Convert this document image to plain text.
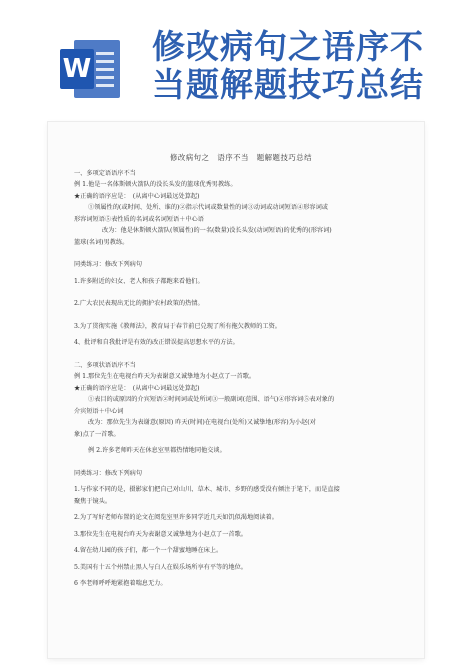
W
修改病句之语序不
当题解题技巧总结

修改病句之　语序不当　题解题技巧总结

一、多项定语语序不当

例 1.他是一名体斯顿火箭队的没长头发的篮球优秀男教练。

★正确的语序应是：　(从离中心词最远处算起)

①领属性的(或时间、处所、谁的)②指示代词或数量性的词③动词或动词短语④形容词或

形容词短语⑤表性质的名词或名词短语＋中心语

改为：他是休斯顿火箭队(领属性)的一名(数量)没长头发(动词短语)的优秀的(形容词)

篮球(名词)男教练。

同类练习：修改下列病句

1.许多附近的妇女、老人和孩子都跑来看他们。

2.广大农民表现出无比的拥护农村政策的热情。

3.为了贯彻实施《教师法》，教育局于春节前已兑现了所有拖欠教师的工资。

4、批评和自我批评是有效的改正错误提高思想水平的方法。

二、多项状语语序不当

例 1.那位先生在电视台昨天为表谢意又诚挚地为小赵点了一首歌。

★正确的语序应是：　(从离中心词最远处算起)

①表目的或原因的介宾短语②时间词或处所词③一般副词(范围、语气)④形容词⑤表对象的

介宾短语＋中心词

改为：那位先生为表谢意(原因) 昨天(时间)在电视台(处所)又诚挚地(形容)为小赵(对

象)点了一首歌。

例 2.许多老师昨天在休息室里都热情地同他交谈。

同类练习：修改下列病句

1.与作家不同的是，摄影家们把自己对山川、草木、城市、乡野的感受没有倾注于笔下，而是直接

聚焦于镜头。

2.为了写好老师布置的论文在阅览室里许多同学近几天如饥似渴地阅读着。

3.那位先生在电视台昨天为表谢意又诚挚地为小赵点了一首歌。

4.留在幼儿园的孩子们，都一个一个甜蜜地睡在床上。

5.美国有十五个州禁止黑人与白人在娱乐场所享有平等的地位。

6 李老师呼呼地紧抱着喘息无力。
